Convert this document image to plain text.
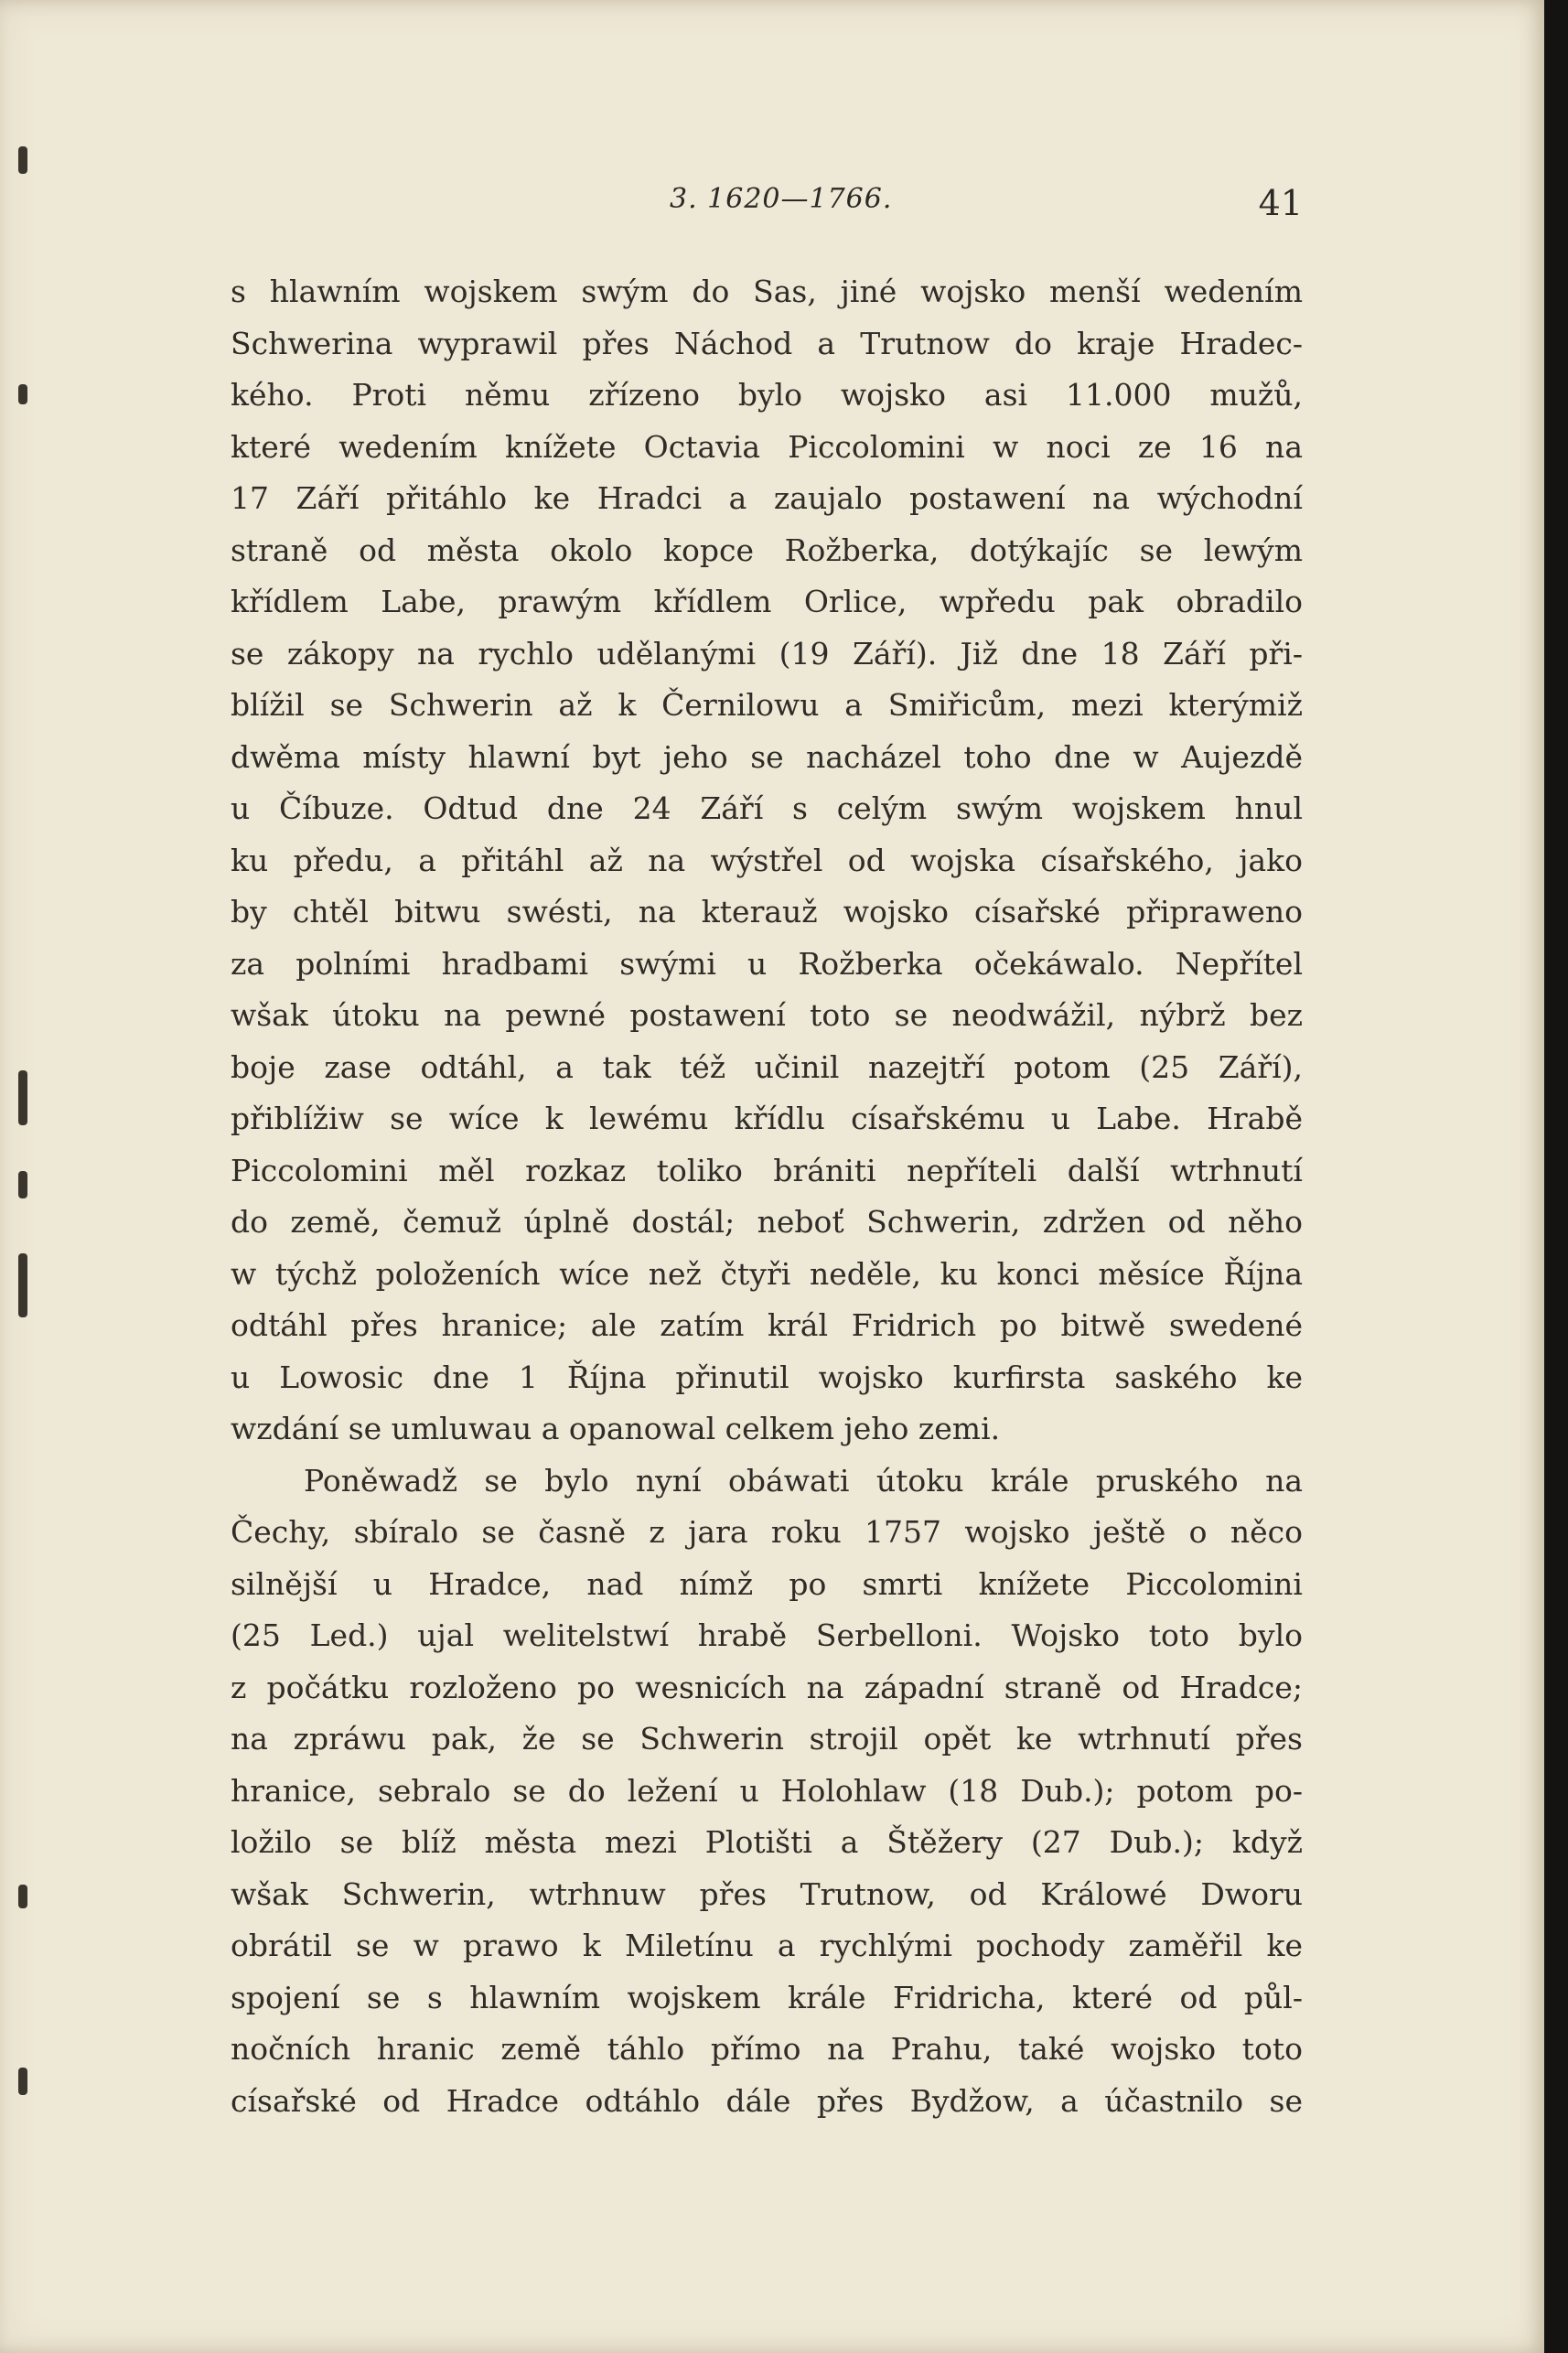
3. 1620—1766.	41
s hlawním wojskem swým do Sas, jiné wojsko menší wedením
Schwerina wyprawil přes Náchod a Trutnow do kraje Hradec-
kého. Proti němu zřízeno bylo wojsko asi 11.000 mužů,
které wedením knížete Octavia Piccolomini w noci ze 16 na
17 Září přitáhlo ke Hradci a zaujalo postawení na wýchodní
straně od města okolo kopce Rožberka, dotýkajíc se lewým
křídlem Labe, prawým křídlem Orlice, wpředu pak obradilo
se zákopy na rychlo udělanými (19 Září). Již dne 18 Září při-
blížil se Schwerin až k Černilowu a Smiřicům, mezi kterýmiž
dwěma místy hlawní byt jeho se nacházel toho dne w Aujezdě
u Číbuze. Odtud dne 24 Září s celým swým wojskem hnul
ku předu, a přitáhl až na wýstřel od wojska císařského, jako
by chtěl bitwu swésti, na kterauž wojsko císařské připraweno
za polními hradbami swými u Rožberka očekáwalo. Nepřítel
wšak útoku na pewné postawení toto se neodwážil, nýbrž bez
boje zase odtáhl, a tak též učinil nazejtří potom (25 Září),
přiblížiw se wíce k lewému křídlu císařskému u Labe. Hrabě
Piccolomini měl rozkaz toliko brániti nepříteli další wtrhnutí
do země, čemuž úplně dostál; neboť Schwerin, zdržen od něho
w týchž položeních wíce než čtyři neděle, ku konci měsíce Října
odtáhl přes hranice; ale zatím král Fridrich po bitwě swedené
u Lowosic dne 1 Října přinutil wojsko kurfirsta saského ke
wzdání se umluwau a opanowal celkem jeho zemi.
Poněwadž se bylo nyní obáwati útoku krále pruského na
Čechy, sbíralo se časně z jara roku 1757 wojsko ještě o něco
silnější u Hradce, nad nímž po smrti knížete Piccolomini
(25 Led.) ujal welitelstwí hrabě Serbelloni. Wojsko toto bylo
z počátku rozloženo po wesnicích na západní straně od Hradce;
na zpráwu pak, že se Schwerin strojil opět ke wtrhnutí přes
hranice, sebralo se do ležení u Holohlaw (18 Dub.); potom po-
ložilo se blíž města mezi Plotišti a Štěžery (27 Dub.); když
wšak Schwerin, wtrhnuw přes Trutnow, od Králowé Dworu
obrátil se w prawo k Miletínu a rychlými pochody zaměřil ke
spojení se s hlawním wojskem krále Fridricha, které od půl-
nočních hranic země táhlo přímo na Prahu, také wojsko toto
císařské od Hradce odtáhlo dále přes Bydžow, a účastnilo se
